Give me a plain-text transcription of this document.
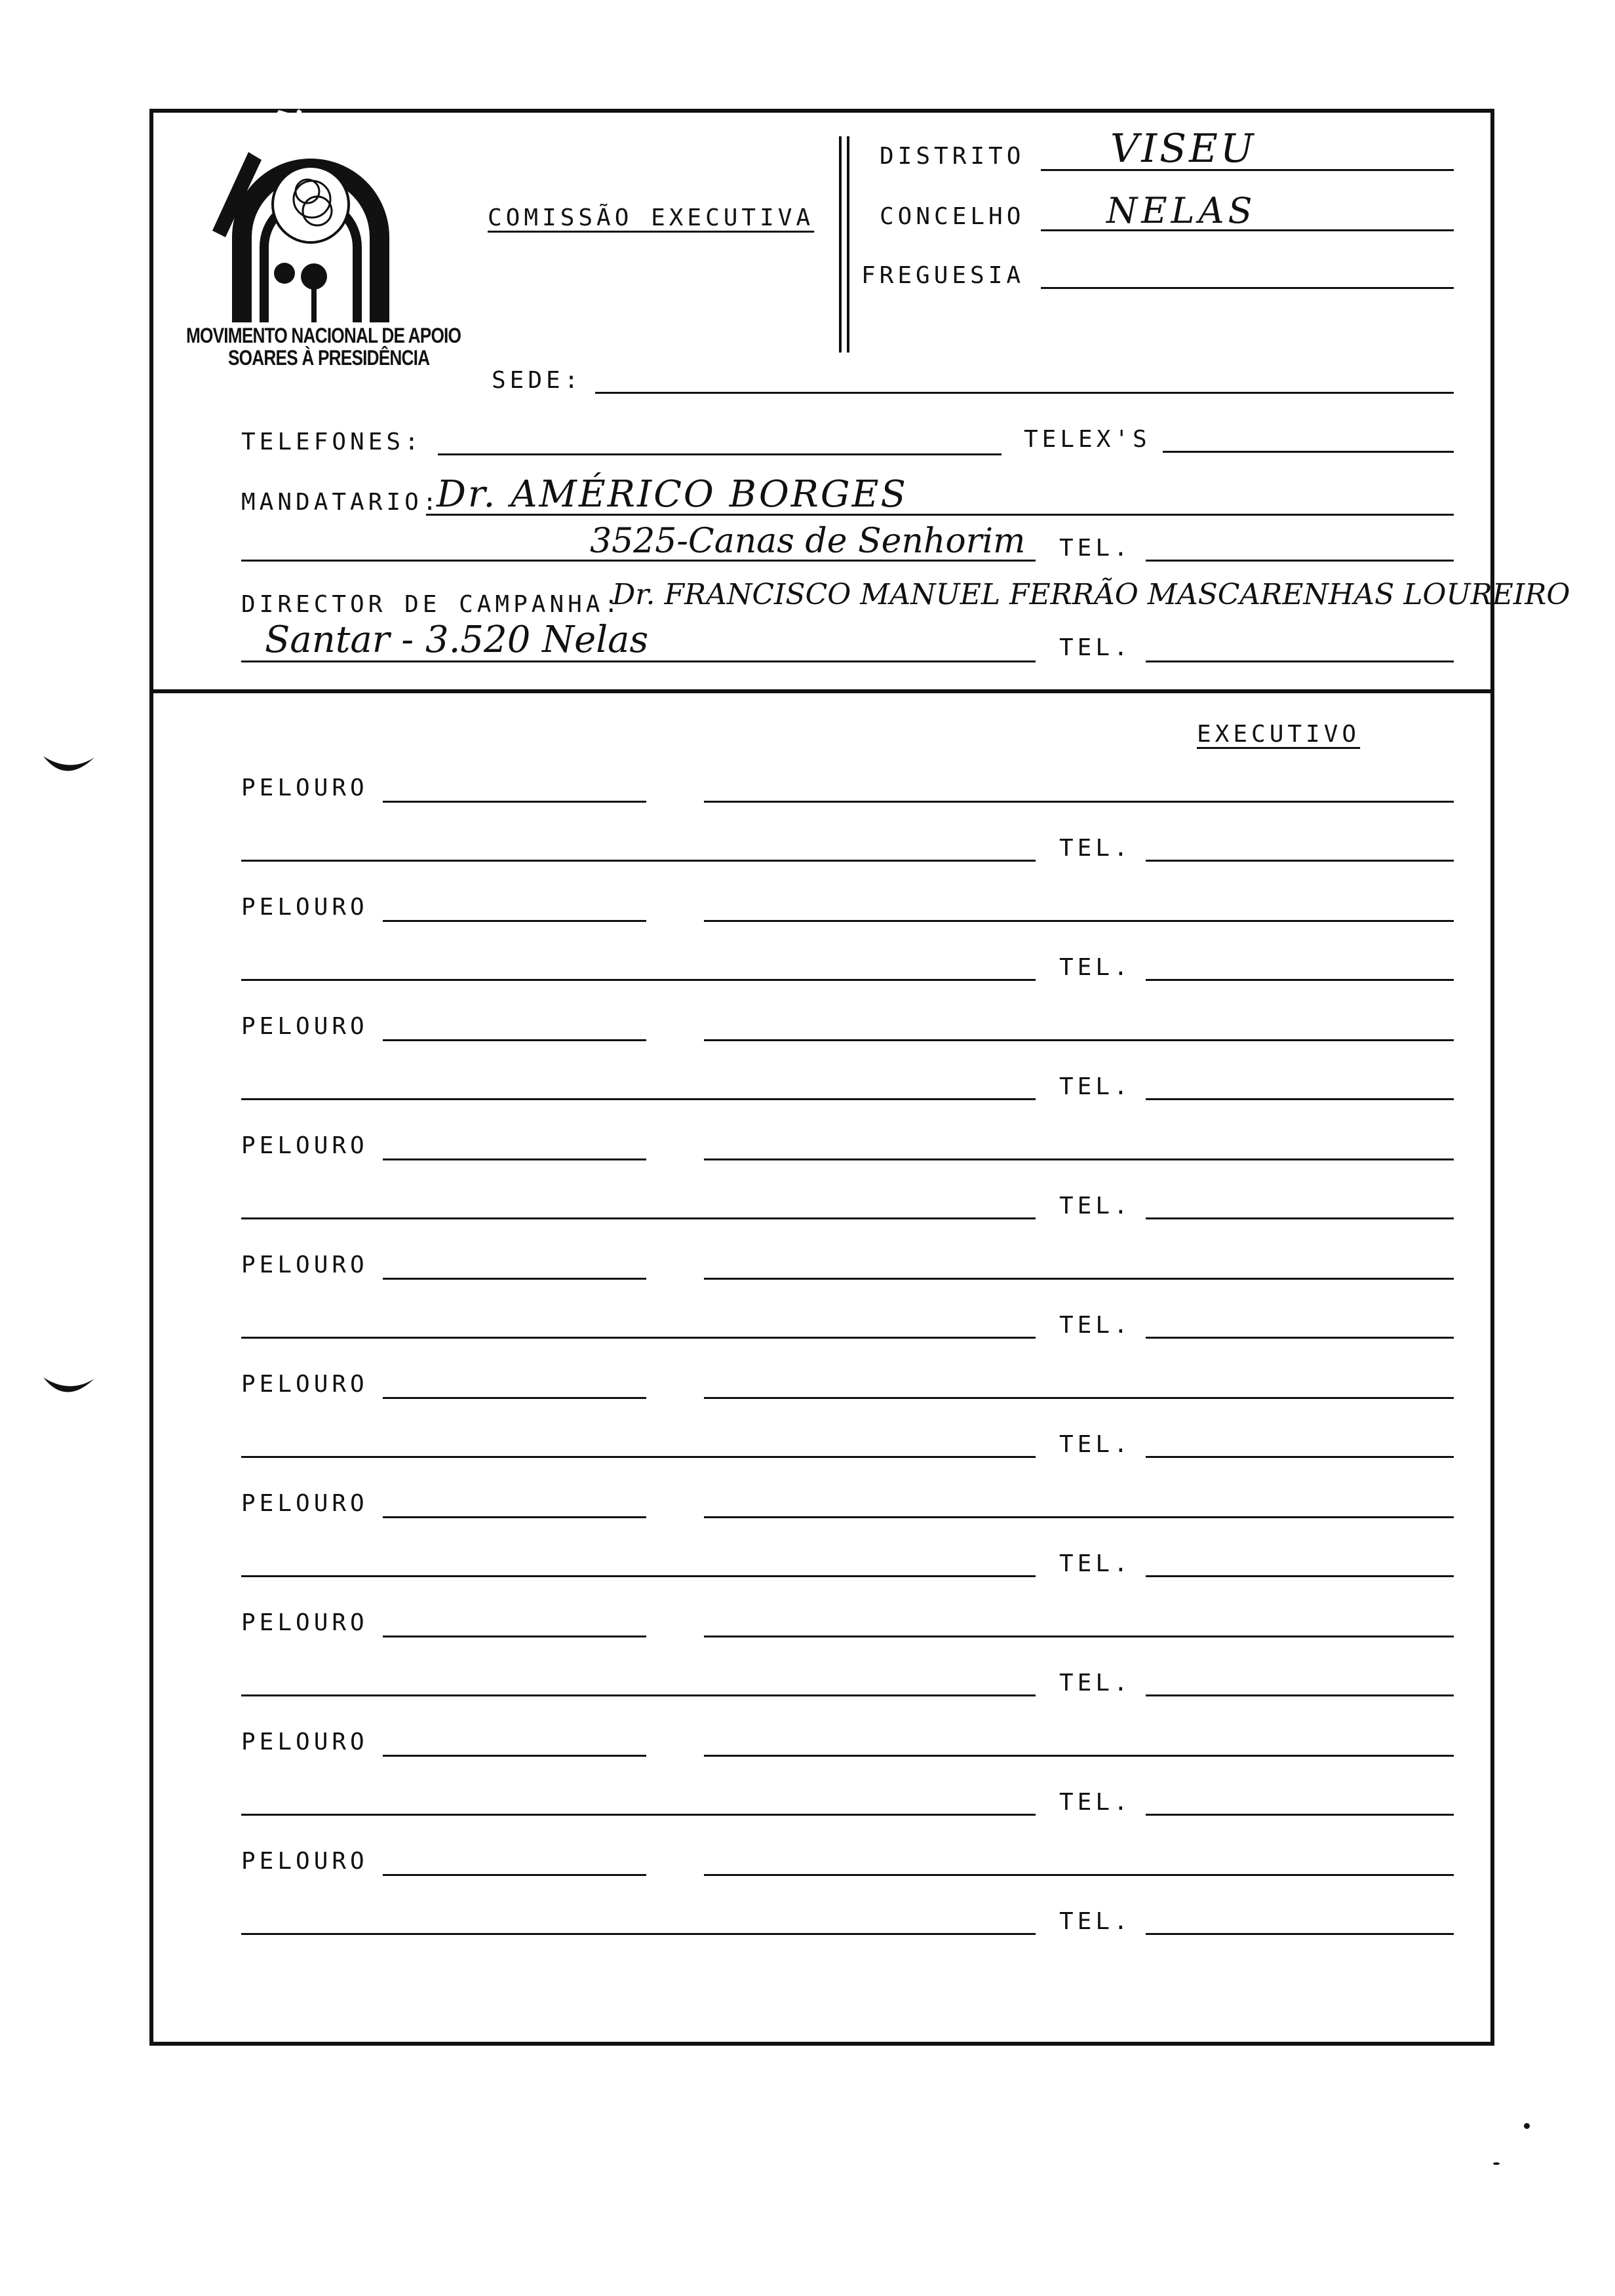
M.A.S.P.
MOVIMENTO NACIONAL DE APOIO
SOARES À PRESIDÊNCIA
COMISSÃO EXECUTIVA
DISTRITO VISEU
CONCELHO NELAS
FREGUESIA
SEDE:
TELEFONES:	TELEX'S
MANDATARIO:
Dr. AMÉRICO BORGES
3525-Canas de Senhorim TEL.
DIRECTOR DE CAMPANHA:
Dr. FRANCISCO MANUEL FERRÃO MASCARENHAS LOUREIRO
Santar - 3.520 Nelas	TEL.
EXECUTIVO
PELOURO
TEL.
PELOURO
TEL.
PELOURO
TEL.
PELOURO
TEL.
PELOURO
TEL.
PELOURO
TEL.
PELOURO
TEL.
PELOURO
TEL.
PELOURO
TEL.
PELOURO
TEL.
